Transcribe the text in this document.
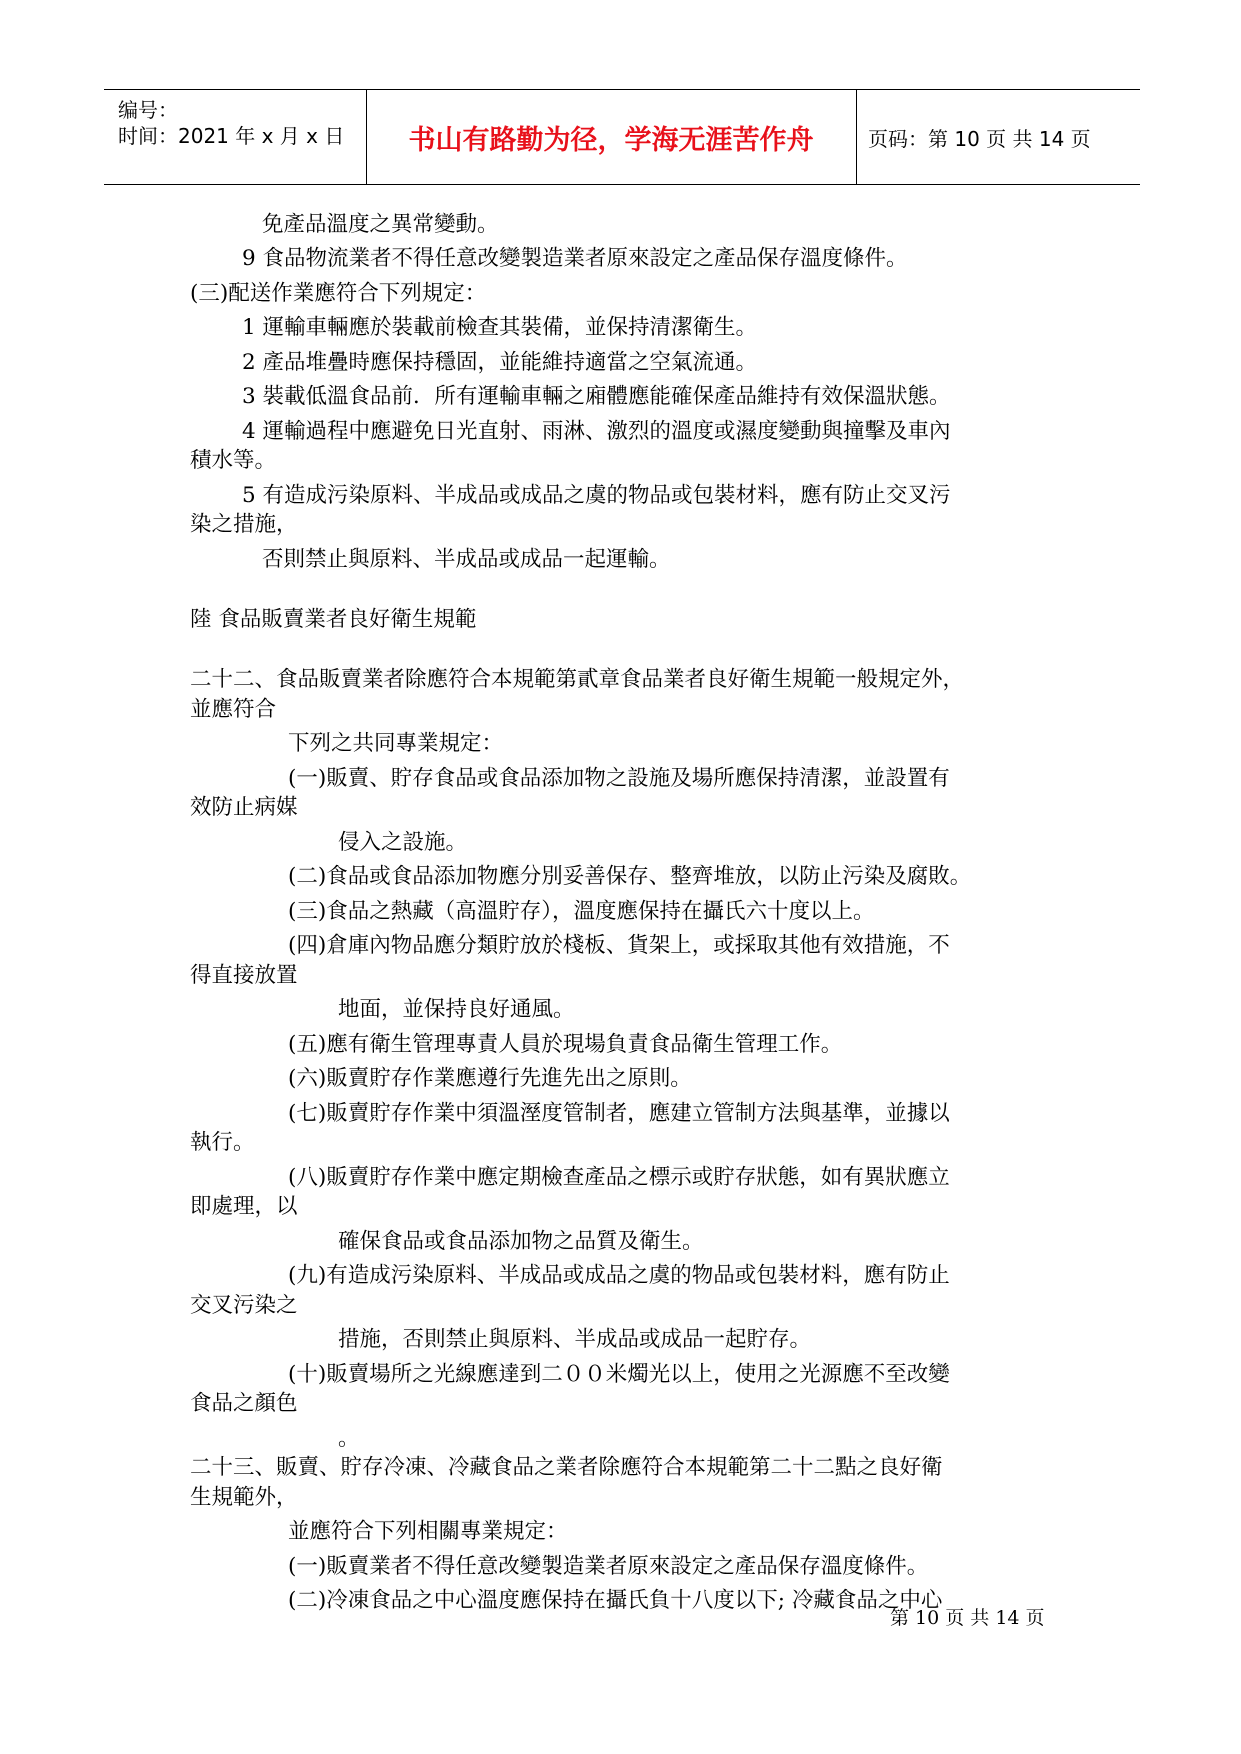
编号：
时间：2021 年 x 月 x 日	书山有路勤为径，学海无涯苦作舟	页码：第 10 页 共 14 页
免產品溫度之異常變動。
9 食品物流業者不得任意改變製造業者原來設定之產品保存溫度條件。
(三)配送作業應符合下列規定：
1 運輸車輛應於裝載前檢查其裝備，並保持清潔衛生。
2 產品堆疊時應保持穩固，並能維持適當之空氣流通。
3 裝載低溫食品前．所有運輸車輛之廂體應能確保產品維持有效保溫狀態。
4 運輸過程中應避免日光直射、雨淋、激烈的溫度或濕度變動與撞擊及車內
積水等。
5 有造成污染原料、半成品或成品之虞的物品或包裝材料，應有防止交叉污
染之措施，
否則禁止與原料、半成品或成品一起運輸。
陸 食品販賣業者良好衛生規範
二十二、食品販賣業者除應符合本規範第貳章食品業者良好衛生規範一般規定外，
並應符合
下列之共同專業規定：
(一)販賣、貯存食品或食品添加物之設施及場所應保持清潔，並設置有
效防止病媒
侵入之設施。
(二)食品或食品添加物應分別妥善保存、整齊堆放，以防止污染及腐敗。
(三)食品之熱藏（高溫貯存），溫度應保持在攝氏六十度以上。
(四)倉庫內物品應分類貯放於棧板、貨架上，或採取其他有效措施，不
得直接放置
地面，並保持良好通風。
(五)應有衛生管理專責人員於現場負責食品衛生管理工作。
(六)販賣貯存作業應遵行先進先出之原則。
(七)販賣貯存作業中須溫溼度管制者，應建立管制方法與基準，並據以
執行。
(八)販賣貯存作業中應定期檢查產品之標示或貯存狀態，如有異狀應立
即處理，以
確保食品或食品添加物之品質及衛生。
(九)有造成污染原料、半成品或成品之虞的物品或包裝材料，應有防止
交叉污染之
措施，否則禁止與原料、半成品或成品一起貯存。
(十)販賣場所之光線應達到二００米燭光以上，使用之光源應不至改變
食品之顏色
。
二十三、販賣、貯存冷凍、冷藏食品之業者除應符合本規範第二十二點之良好衛
生規範外，
並應符合下列相關專業規定：
(一)販賣業者不得任意改變製造業者原來設定之產品保存溫度條件。
(二)冷凍食品之中心溫度應保持在攝氏負十八度以下; 冷藏食品之中心
第 10 页 共 14 页
